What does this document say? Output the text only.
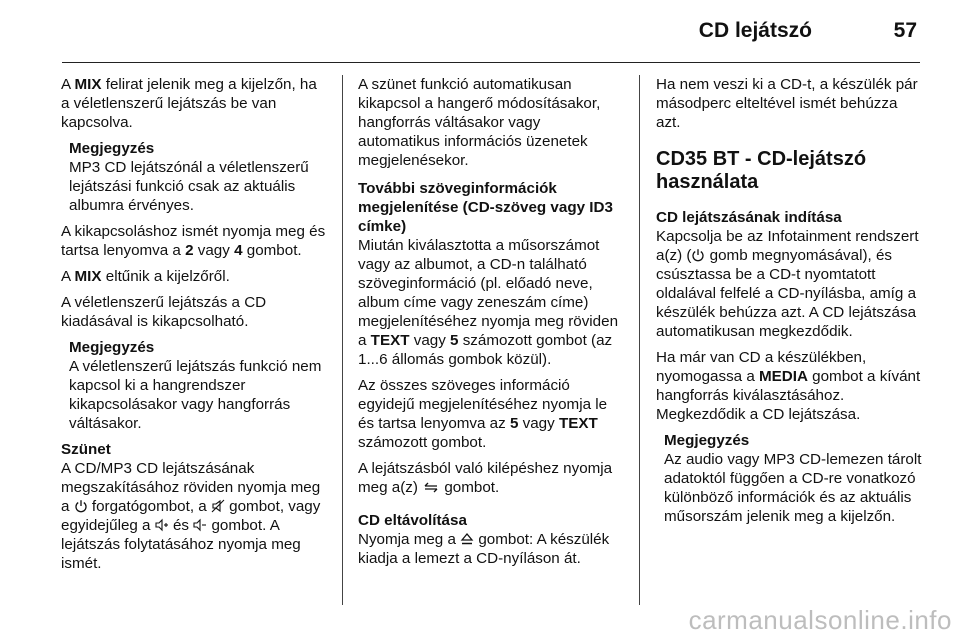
CD lejátszó	57

A MIX felirat jelenik meg a kijelzőn, ha a véletlenszerű lejátszás be van kapcsolva.

Megjegyzés
MP3 CD lejátszónál a véletlenszerű lejátszási funkció csak az aktuális albumra érvényes.

A kikapcsoláshoz ismét nyomja meg és tartsa lenyomva a 2 vagy 4 gombot.

A MIX eltűnik a kijelzőről.

A véletlenszerű lejátszás a CD kiadásával is kikapcsolható.

Megjegyzés
A véletlenszerű lejátszás funkció nem kapcsol ki a hangrendszer kikapcsolásakor vagy hangforrás váltásakor.
Szünet

A CD/MP3 CD lejátszásának megszakításához röviden nyomja meg a
forgatógombot, a
gombot, vagy egyidejűleg a
és
gombot. A lejátszás folytatásához nyomja meg ismét.

A szünet funkció automatikusan kikapcsol a hangerő módosításakor, hangforrás váltásakor vagy automatikus információs üzenetek megjelenésekor.

További szöveginformációk megjelenítése (CD-szöveg vagy ID3 címke)

Miután kiválasztotta a műsorszámot vagy az albumot, a CD-n található szöveginformáció (pl. előadó neve, album címe vagy zeneszám címe) megjelenítéséhez nyomja meg röviden a TEXT vagy 5 számozott gombot (az 1...6 állomás gombok közül).

Az összes szöveges információ egyidejű megjelenítéséhez nyomja le és tartsa lenyomva az 5 vagy TEXT számozott gombot.

A lejátszásból való kilépéshez nyomja meg a(z)
gombot.

CD eltávolítása

Nyomja meg a
gombot: A készülék kiadja a lemezt a CD-nyíláson át.

Ha nem veszi ki a CD-t, a készülék pár másodperc elteltével ismét behúzza azt.

CD35 BT - CD-lejátszó használata
CD lejátszásának indítása

Kapcsolja be az Infotainment rendszert a(z) (
gomb megnyomásával), és csúsztassa be a CD-t nyomtatott oldalával felfelé a CD-nyílásba, amíg a készülék behúzza azt. A CD lejátszása automatikusan megkezdődik.

Ha már van CD a készülékben, nyomogassa a MEDIA gombot a kívánt hangforrás kiválasztásához. Megkezdődik a CD lejátszása.

Megjegyzés
Az audio vagy MP3 CD-lemezen tárolt adatoktól függően a CD-re vonatkozó különböző információk és az aktuális műsorszám jelenik meg a kijelzőn.
carmanualsonline.info
